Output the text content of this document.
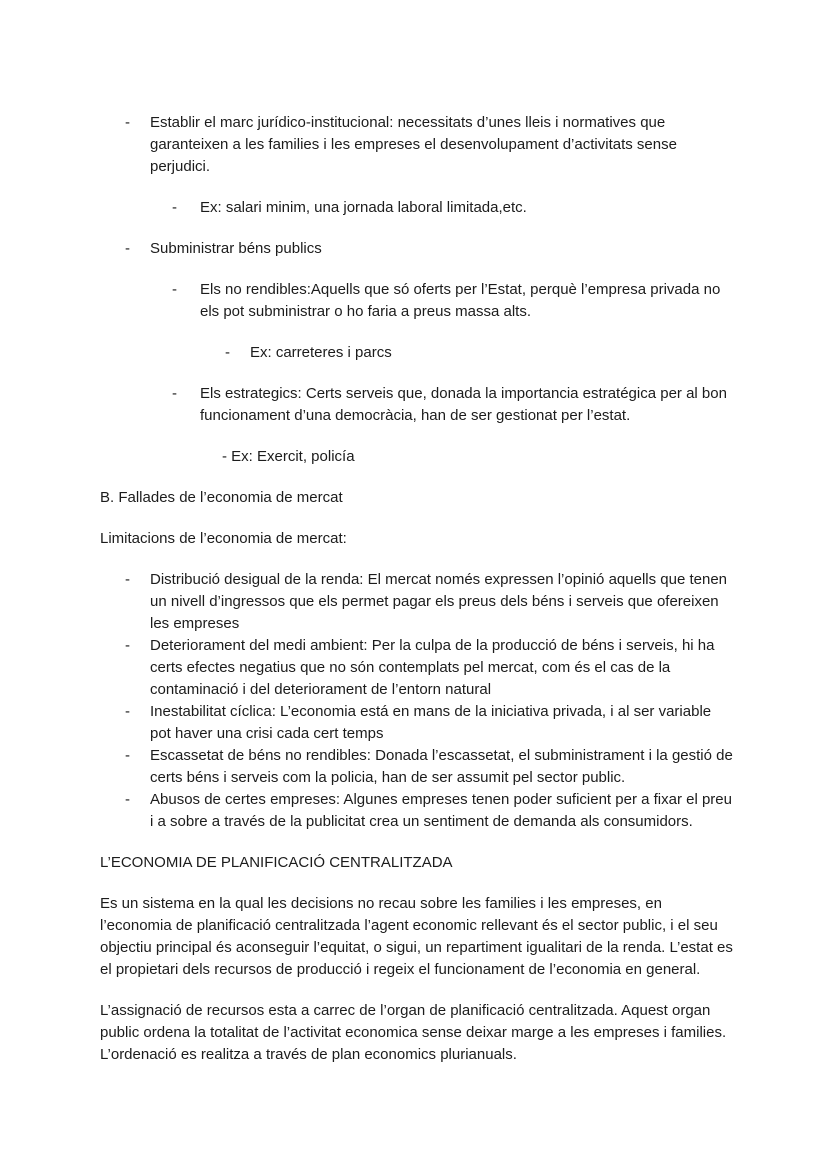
-	Establir el marc jurídico-institucional: necessitats d’unes lleis i normatives que garanteixen a les families i les empreses el desenvolupament d’activitats sense perjudici.
-	Ex: salari minim, una jornada laboral limitada,etc.
-	Subministrar béns publics
-	Els no rendibles:Aquells que só oferts per l’Estat, perquè l’empresa privada no els pot subministrar o ho faria a preus massa alts.
-	Ex: carreteres i parcs
-	Els estrategics: Certs serveis que, donada la importancia estratégica per al bon funcionament d’una democràcia, han de ser gestionat per l’estat.
- Ex: Exercit, policía
B. Fallades de l’economia de mercat
Limitacions de l’economia de mercat:
-	Distribució desigual de la renda: El mercat només expressen l’opinió aquells que tenen un nivell d’ingressos que els permet pagar els preus dels béns i serveis que ofereixen les empreses
-	Deteriorament del medi ambient: Per la culpa de la producció de béns i serveis, hi ha certs efectes negatius que no són contemplats pel mercat, com és el cas de la contaminació i del deteriorament de l’entorn natural
-	Inestabilitat cíclica: L’economia está en mans de la iniciativa privada, i al ser variable pot haver una crisi cada cert temps
-	Escassetat de béns no rendibles: Donada l’escassetat, el subministrament i la gestió de certs béns i serveis com la policia, han de ser assumit pel sector public.
-	Abusos de certes empreses: Algunes empreses tenen poder suficient per a fixar el preu i a sobre a través de la publicitat crea un sentiment de demanda als consumidors.
L’ECONOMIA DE PLANIFICACIÓ CENTRALITZADA
Es un sistema en la qual les decisions no recau sobre les families i les empreses, en l’economia de planificació centralitzada l’agent economic rellevant és el sector public, i el seu objectiu principal és aconseguir l’equitat, o sigui, un repartiment igualitari de la renda. L’estat es el propietari dels recursos de producció i regeix el funcionament de l’economia en general.
L’assignació de recursos esta a carrec de l’organ de planificació centralitzada. Aquest organ public ordena la totalitat de l’activitat economica sense deixar marge a les empreses i families. L’ordenació es realitza a través de plan economics plurianuals.
